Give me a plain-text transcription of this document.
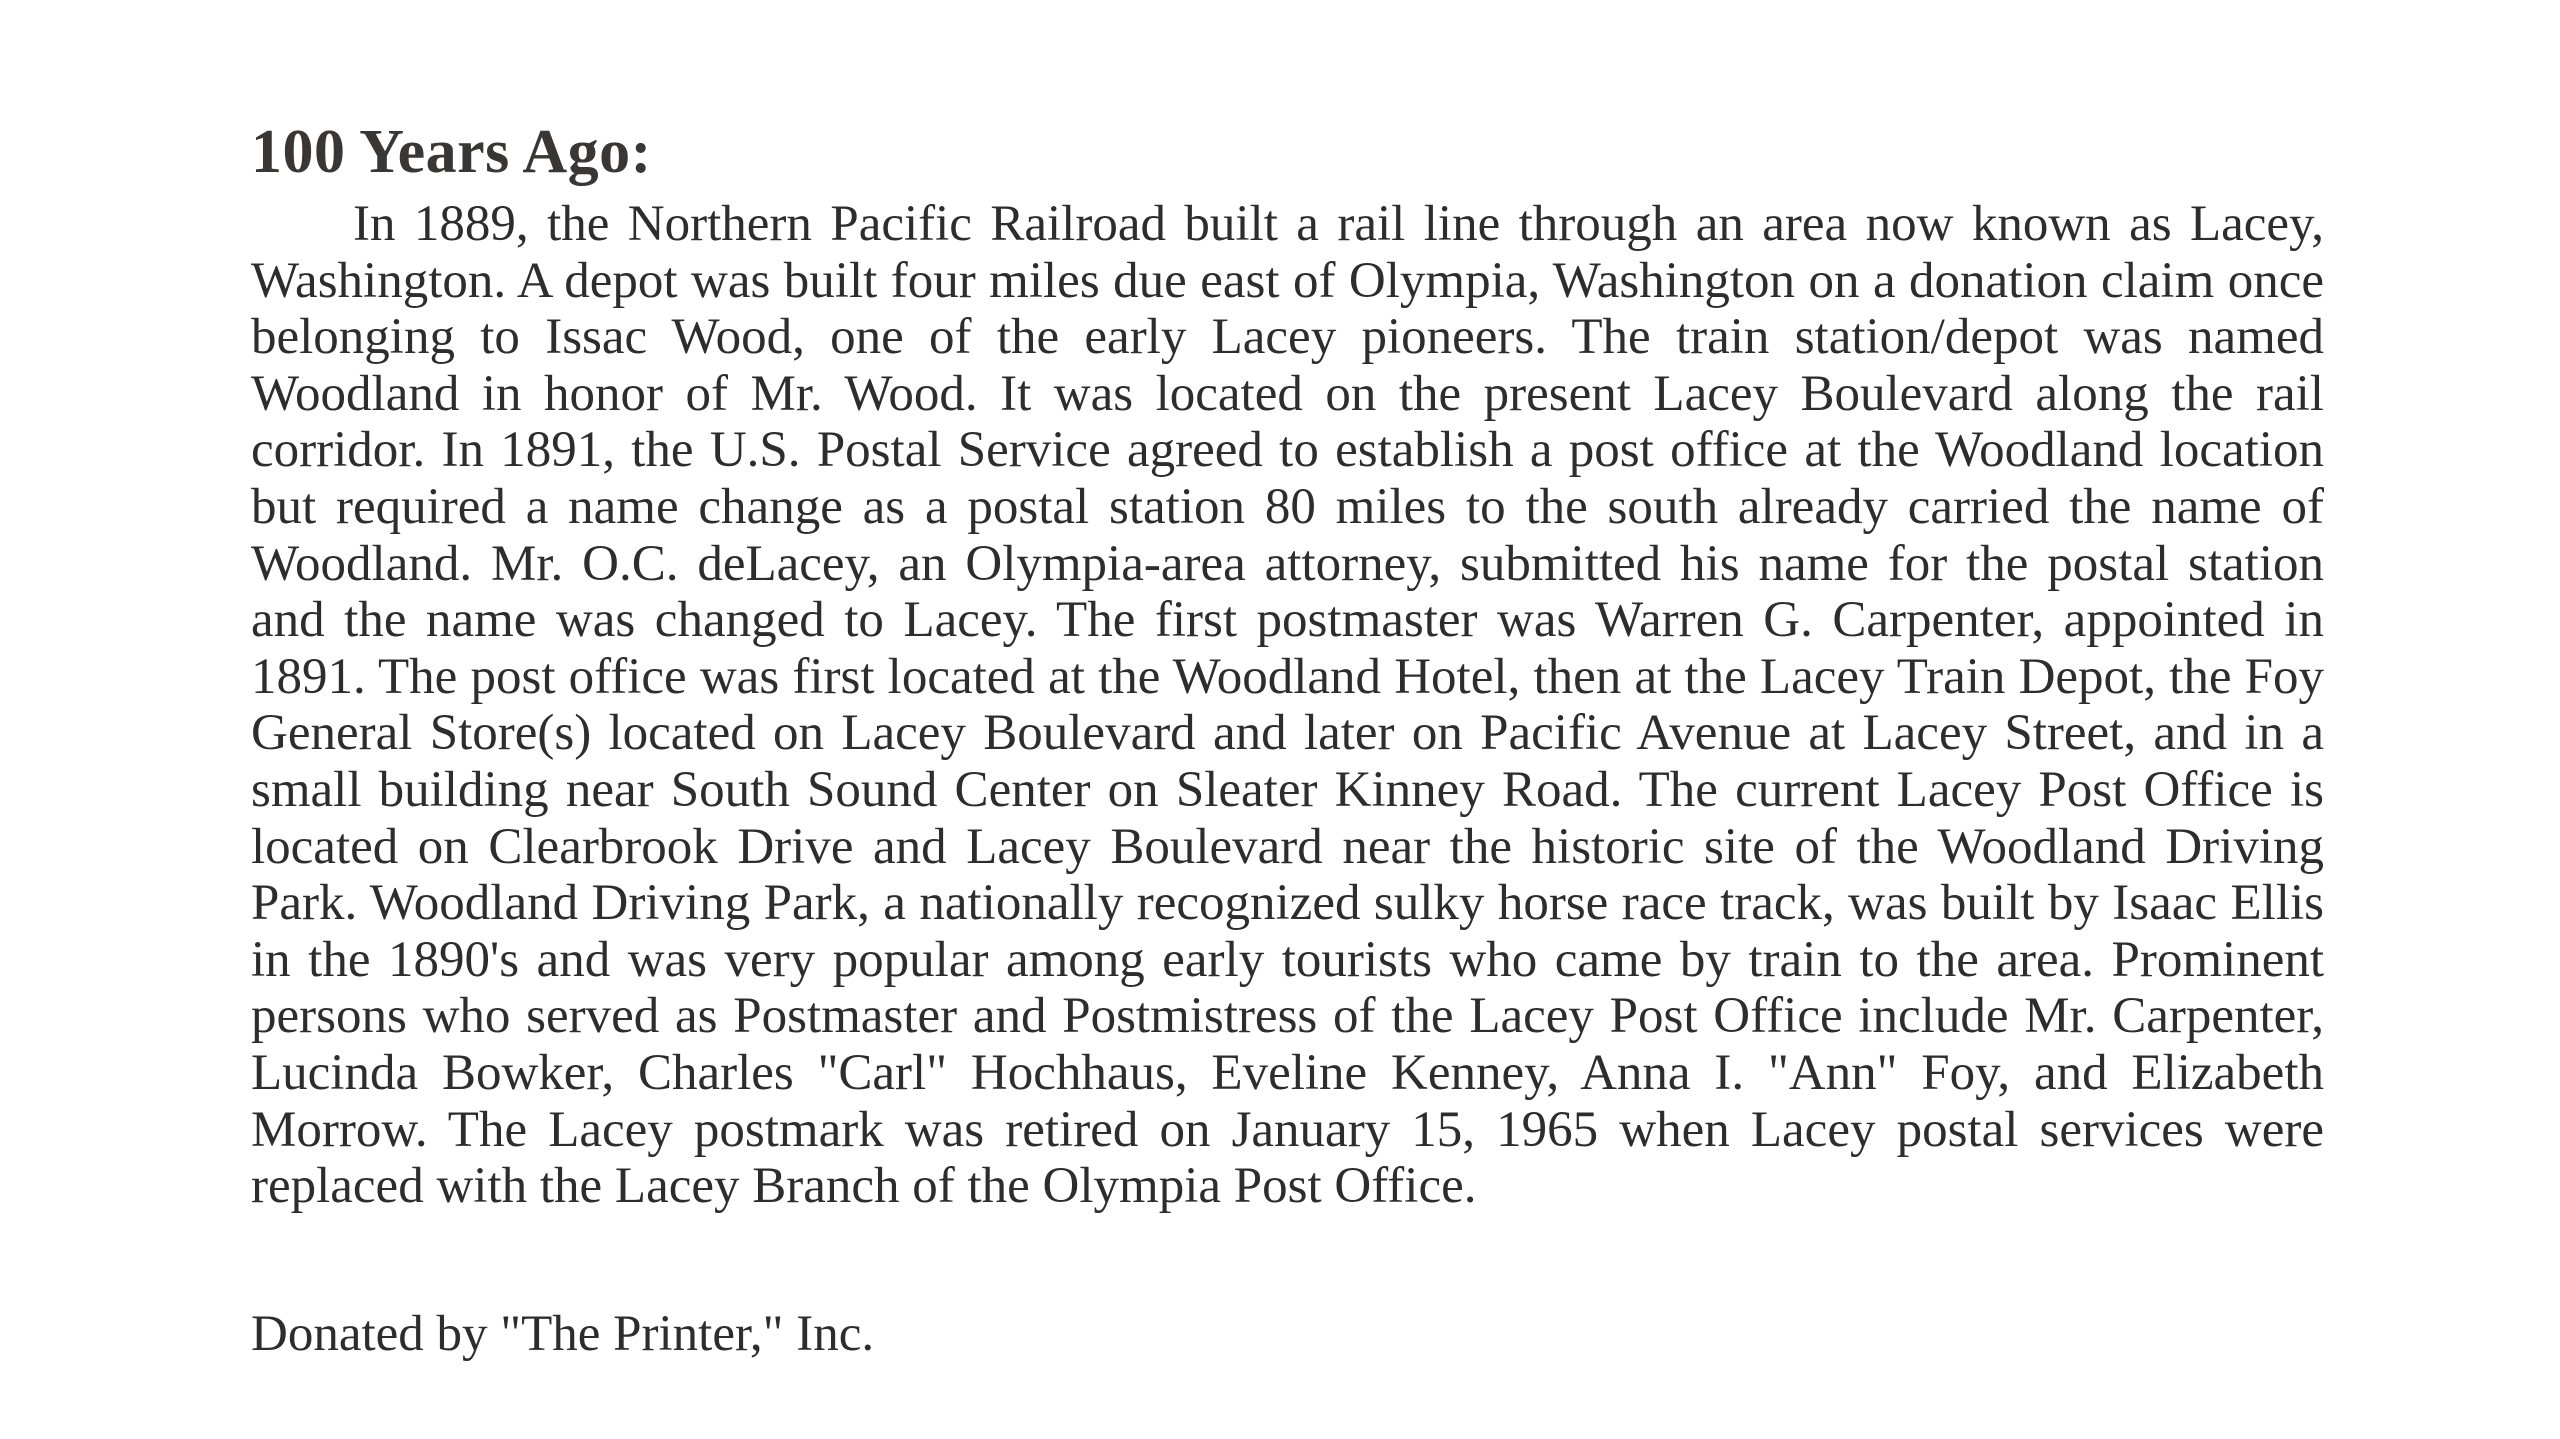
100 Years Ago:

In 1889, the Northern Pacific Railroad built a rail line through an area now known as Lacey, Washington. A depot was built four miles due east of Olympia, Washington on a donation claim once belonging to Issac Wood, one of the early Lacey pioneers. The train station/depot was named Woodland in honor of Mr. Wood. It was located on the present Lacey Boulevard along the rail corridor. In 1891, the U.S. Postal Service agreed to establish a post office at the Woodland location but required a name change as a postal station 80 miles to the south already carried the name of Woodland. Mr. O.C. deLacey, an Olympia-area attorney, submitted his name for the postal station and the name was changed to Lacey. The first postmaster was Warren G. Carpenter, appointed in 1891. The post office was first located at the Woodland Hotel, then at the Lacey Train Depot, the Foy General Store(s) located on Lacey Boulevard and later on Pacific Avenue at Lacey Street, and in a small building near South Sound Center on Sleater Kinney Road. The current Lacey Post Office is located on Clearbrook Drive and Lacey Boulevard near the historic site of the Woodland Driving Park. Woodland Driving Park, a nationally recognized sulky horse race track, was built by Isaac Ellis in the 1890's and was very popular among early tourists who came by train to the area. Prominent persons who served as Postmaster and Postmistress of the Lacey Post Office include Mr. Carpenter, Lucinda Bowker, Charles "Carl" Hochhaus, Eveline Kenney, Anna I. "Ann" Foy, and Elizabeth Morrow. The Lacey postmark was retired on January 15, 1965 when Lacey postal services were replaced with the Lacey Branch of the Olympia Post Office.

Donated by "The Printer," Inc.
